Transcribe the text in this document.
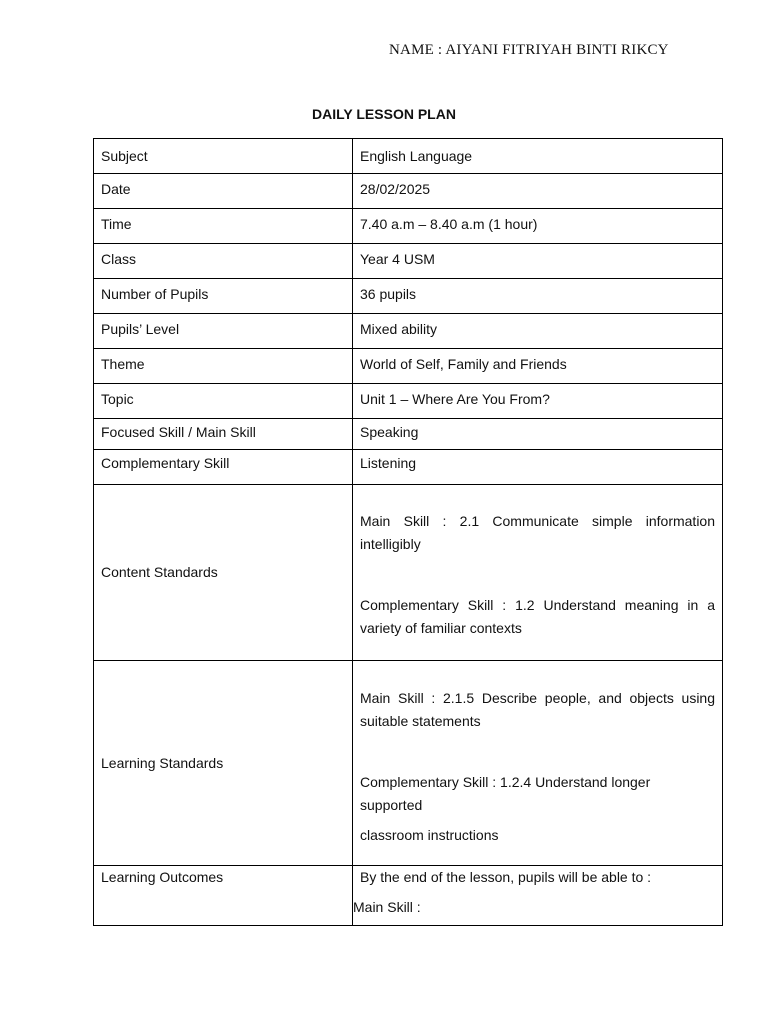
NAME : AIYANI FITRIYAH BINTI RIKCY
DAILY LESSON PLAN
Subject	English Language
Date	28/02/2025
Time	7.40 a.m – 8.40 a.m (1 hour)
Class	Year 4 USM
Number of Pupils	36 pupils
Pupils’ Level	Mixed ability
Theme	World of Self, Family and Friends
Topic	Unit 1 – Where Are You From?
Focused Skill / Main Skill	Speaking
Complementary Skill	Listening
Content Standards	Main Skill : 2.1 Communicate simple information intelligibly

Complementary Skill : 1.2 Understand meaning in a variety of familiar contexts

Learning Standards	Main Skill : 2.1.5 Describe people, and objects using suitable statements

Complementary Skill : 1.2.4 Understand longer supported

classroom instructions

Learning Outcomes	By the end of the lesson, pupils will be able to :

Main Skill :
